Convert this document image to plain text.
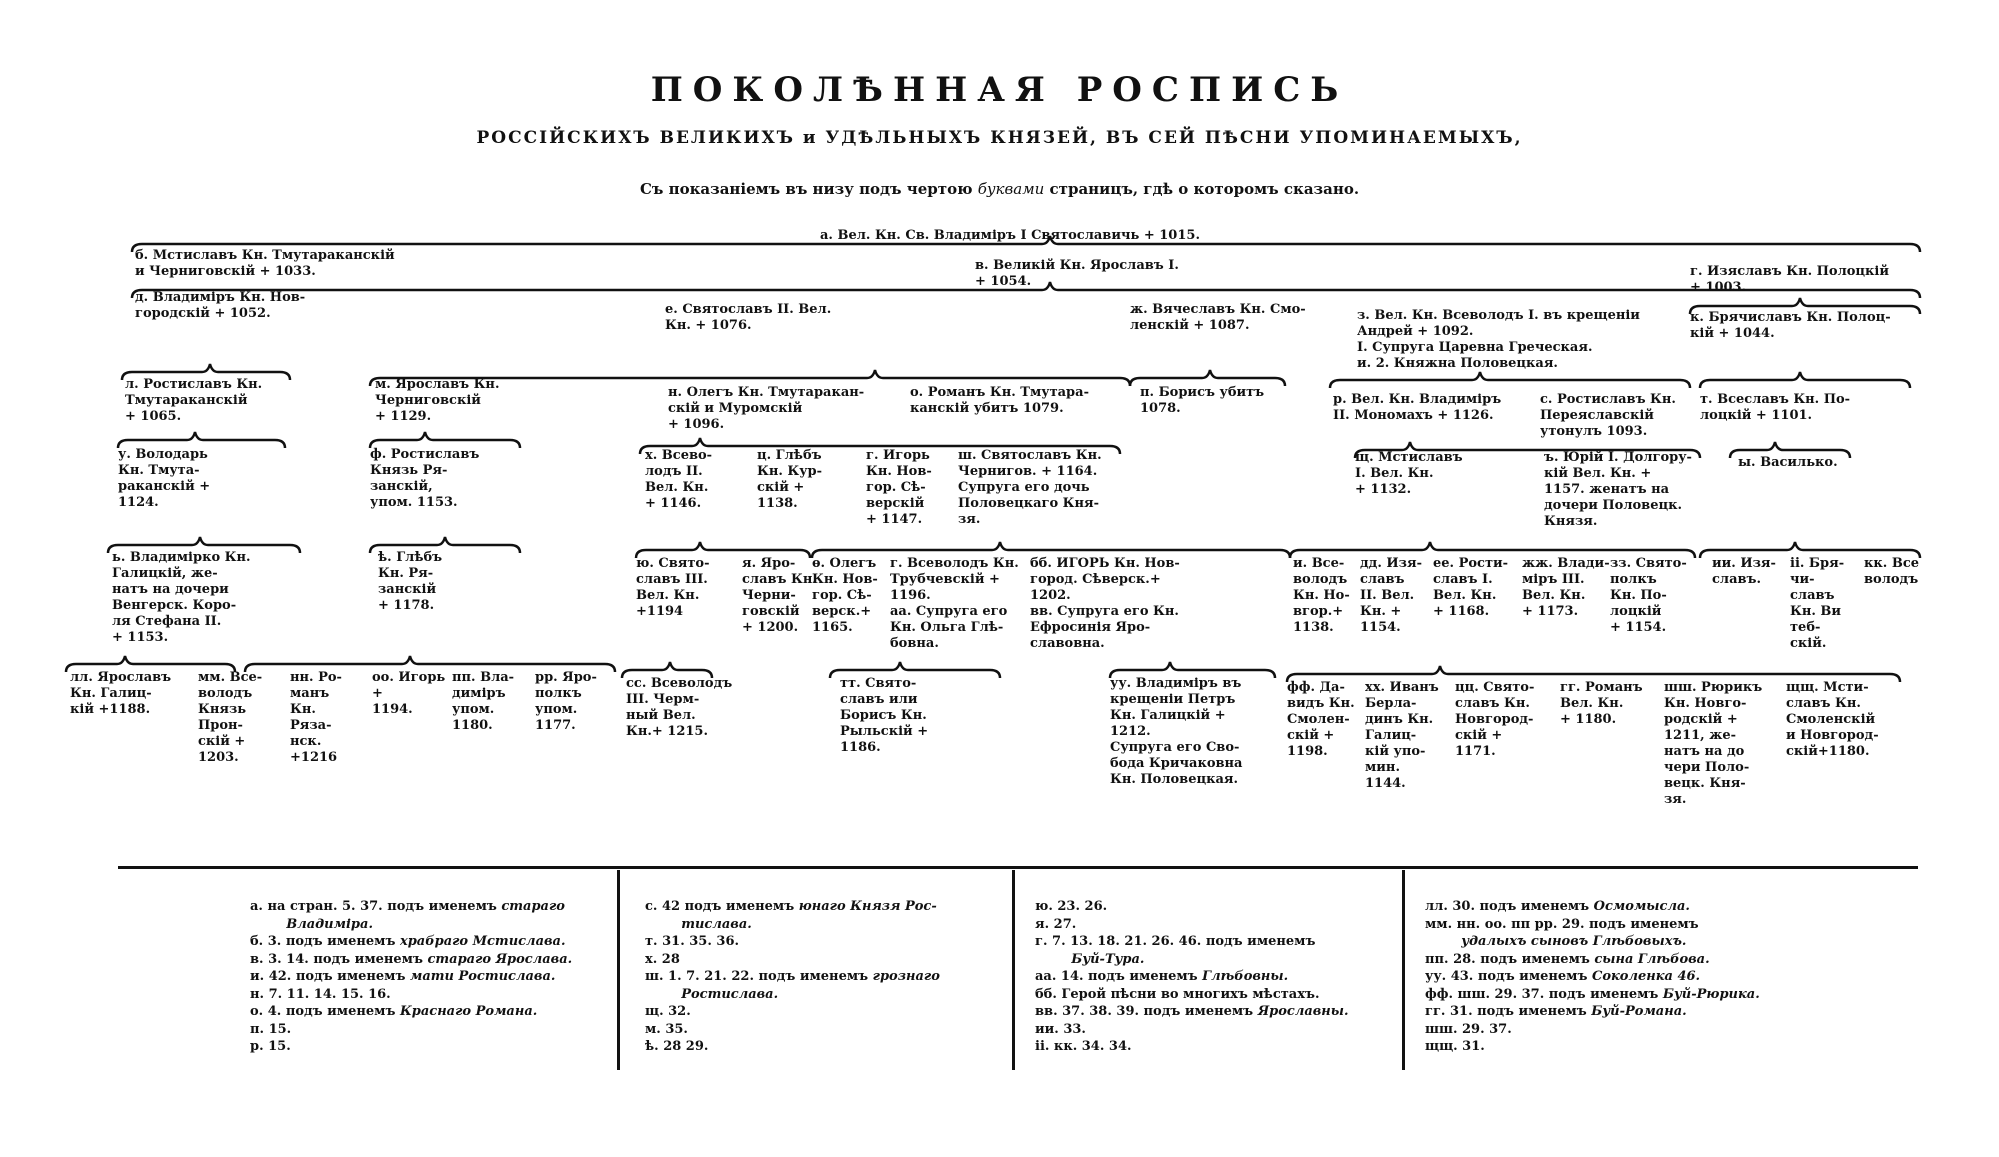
ПОКОЛѢННАЯ РОСПИСЬ
РОССІЙСКИХЪ ВЕЛИКИХЪ и УДѢЛЬНЫХЪ КНЯЗЕЙ, ВЪ СЕЙ ПѢСНИ УПОМИНАЕМЫХЪ,
Съ показаніемъ въ низу подъ чертою буквами страницъ, гдѣ о которомъ сказано.
а. Вел. Кн. Св. Владиміръ I Святославичь + 1015.
б. Мстиславъ Кн. Тмутараканскій
и Черниговскій + 1033.
д. Владиміръ Кн. Нов-
городскій + 1052.
в. Великій Кн. Ярославъ I.
+ 1054.
г. Изяславъ Кн. Полоцкій
+ 1003.
к. Брячиславъ Кн. Полоц-
кій + 1044.
е. Святославъ II. Вел.
Кн. + 1076.
ж. Вячеславъ Кн. Смо-
ленскій + 1087.
з. Вел. Кн. Всеволодъ I. въ крещеніи
Андрей + 1092.
I. Супруга Царевна Греческая.
и. 2. Княжна Половецкая.
л. Ростиславъ Кн.
Тмутараканскій
+ 1065.
м. Ярославъ Кн.
Черниговскій
+ 1129.
н. Олегъ Кн. Тмутаракан-
скій и Муромскій
+ 1096.
о. Романъ Кн. Тмутара-
канскій убитъ 1079.
п. Борисъ убитъ
1078.
р. Вел. Кн. Владиміръ
II. Мономахъ + 1126.
с. Ростиславъ Кн.
Переяславскій
утонулъ 1093.
т. Всеславъ Кн. По-
лоцкій + 1101.
у. Володарь
Кн. Тмута-
раканскій +
1124.
ф. Ростиславъ
Князь Ря-
занскій,
упом. 1153.
х. Всево-
лодъ II.
Вел. Кн.
+ 1146.
ц. Глѣбъ
Кн. Кур-
скій +
1138.
г. Игорь
Кн. Нов-
гор. Сѣ-
верскій
+ 1147.
ш. Святославъ Кн.
Чернигов. + 1164.
Супруга его дочь
Половецкаго Кня-
зя.
щ. Мстиславъ
I. Вел. Кн.
+ 1132.
ъ. Юрій I. Долгору-
кій Вел. Кн. +
1157. женатъ на
дочери Половецк.
Князя.
ы. Василько.
ь. Владимірко Кн.
Галицкій, же-
натъ на дочери
Венгерск. Коро-
ля Стефана II.
+ 1153.
ѣ. Глѣбъ
Кн. Ря-
занскій
+ 1178.
ю. Свято-
славъ III.
Вел. Кн.
+1194
я. Яро-
славъ Кн.
Черни-
говскій
+ 1200.
ѳ. Олегъ
Кн. Нов-
гор. Сѣ-
верск.+
1165.
г. Всеволодъ Кн.
Трубчевскій +
1196.
аа. Супруга его
Кн. Ольга Глѣ-
бовна.
бб. ИГОРЬ Кн. Нов-
город. Сѣверск.+
1202.
вв. Супруга его Кн.
Ефросинія Яро-
славовна.
и. Все-
володъ
Кн. Но-
вгор.+
1138.
дд. Изя-
славъ
II. Вел.
Кн. +
1154.
ее. Рости-
славъ I.
Вел. Кн.
+ 1168.
жж. Влади-
міръ III.
Вел. Кн.
+ 1173.
зз. Свято-
полкъ
Кн. По-
лоцкій
+ 1154.
ии. Изя-
славъ.
ii. Бря-
чи-
славъ
Кн. Ви
теб-
скій.
кк. Все
володъ
лл. Ярославъ
Кн. Галиц-
кій +1188.
мм. Все-
володъ
Князь
Прон-
скій +
1203.
нн. Ро-
манъ
Кн.
Ряза-
нск.
+1216
оо. Игорь
+
1194.
пп. Вла-
диміръ
упом.
1180.
рр. Яро-
полкъ
упом.
1177.
сс. Всеволодъ
III. Черм-
ный Вел.
Кн.+ 1215.
тт. Свято-
славъ или
Борисъ Кн.
Рыльскій +
1186.
уу. Владиміръ въ
крещеніи Петръ
Кн. Галицкій +
1212.
Супруга его Сво-
бода Кричаковна
Кн. Половецкая.
фф. Да-
видъ Кн.
Смолен-
скій +
1198.
хх. Иванъ
Берла-
динъ Кн.
Галиц-
кій упо-
мин.
1144.
цц. Свято-
славъ Кн.
Новгород-
скій +
1171.
гг. Романъ
Вел. Кн.
+ 1180.
шш. Рюрикъ
Кн. Новго-
родскій +
1211, же-
натъ на до
чери Поло-
вецк. Кня-
зя.
щщ. Мсти-
славъ Кн.
Смоленскій
и Новгород-
скій+1180.
а. на стран. 5. 37. подъ именемъ стараго
Владиміра.
б. 3. подъ именемъ храбраго Мстислава.
в. 3. 14. подъ именемъ стараго Ярослава.
и. 42. подъ именемъ мати Ростислава.
н. 7. 11. 14. 15. 16.
о. 4. подъ именемъ Краснаго Романа.
п. 15.
р. 15.
с. 42 подъ именемъ юнаго Князя Рос-
тислава.
т. 31. 35. 36.
х. 28
ш. 1. 7. 21. 22. подъ именемъ грознаго
Ростислава.
щ. 32.
м. 35.
ѣ. 28 29.
ю. 23. 26.
я. 27.
г. 7. 13. 18. 21. 26. 46. подъ именемъ
Буй-Тура.
аа. 14. подъ именемъ Глѣбовны.
бб. Герой пѣсни во многихъ мѣстахъ.
вв. 37. 38. 39. подъ именемъ Ярославны.
ии. 33.
ii. кк. 34. 34.
лл. 30. подъ именемъ Осмомысла.
мм. нн. оо. пп рр. 29. подъ именемъ
удалыхъ сыновъ Глѣбовыхъ.
пп. 28. подъ именемъ сына Глѣбова.
уу. 43. подъ именемъ Соколенка 46.
фф. шш. 29. 37. подъ именемъ Буй-Рюрика.
гг. 31. подъ именемъ Буй-Романа.
шш. 29. 37.
щщ. 31.
